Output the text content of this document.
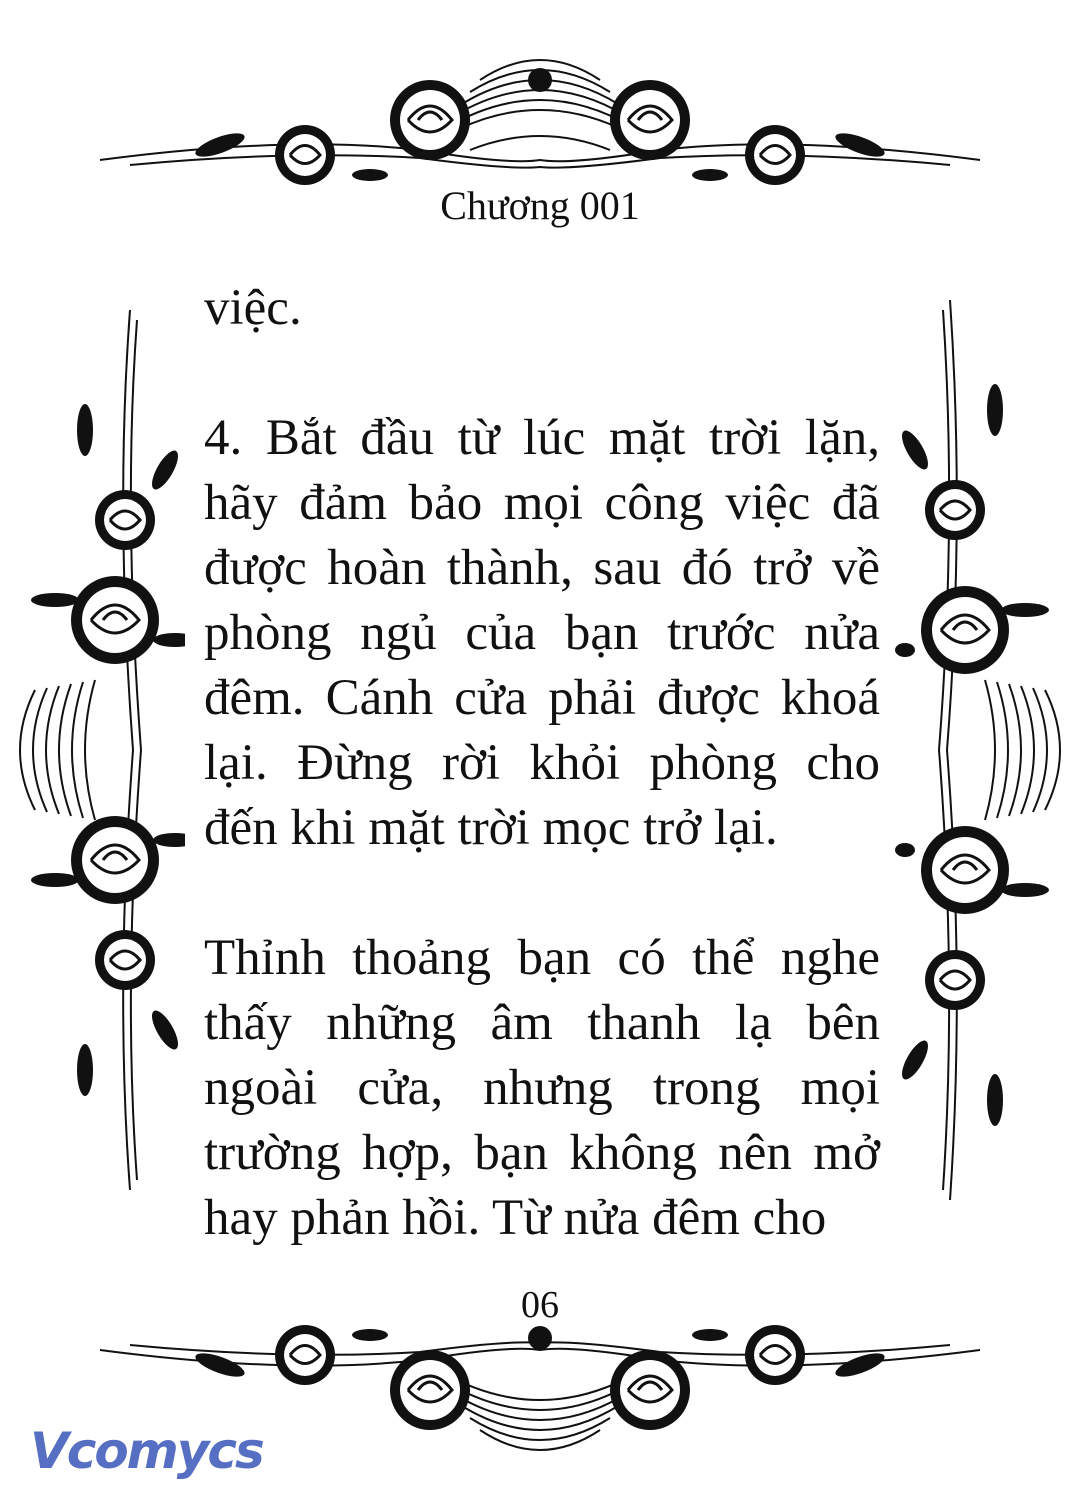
Chương 001

việc.

4. Bắt đầu từ lúc mặt trời lặn, hãy đảm bảo mọi công việc đã được hoàn thành, sau đó trở về phòng ngủ của bạn trước nửa đêm. Cánh cửa phải được khoá lại. Đừng rời khỏi phòng cho đến khi mặt trời mọc trở lại.

Thỉnh thoảng bạn có thể nghe thấy những âm thanh lạ bên ngoài cửa, nhưng trong mọi trường hợp, bạn không nên mở hay phản hồi. Từ nửa đêm cho

06
Vcomycs
